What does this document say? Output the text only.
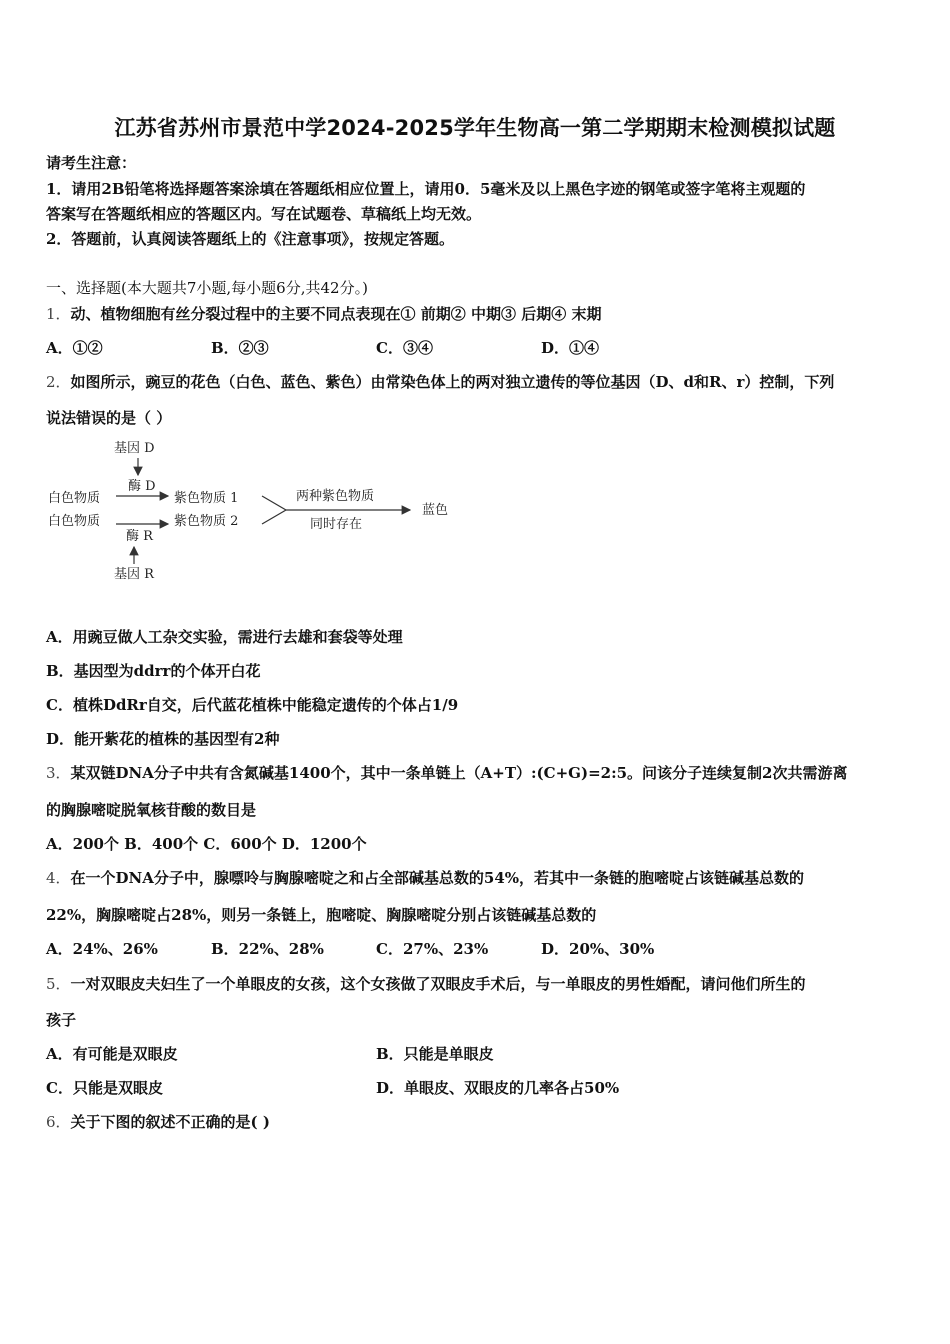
江苏省苏州市景范中学2024-2025学年生物高一第二学期期末检测模拟试题
请考生注意：
1．请用2B铅笔将选择题答案涂填在答题纸相应位置上，请用0．5毫米及以上黑色字迹的钢笔或签字笔将主观题的
答案写在答题纸相应的答题区内。写在试题卷、草稿纸上均无效。
2．答题前，认真阅读答题纸上的《注意事项》，按规定答题。
一、选择题(本大题共7小题,每小题6分,共42分。)
1．动、植物细胞有丝分裂过程中的主要不同点表现在① 前期② 中期③ 后期④ 末期
A．①②	B．②③	C．③④	D．①④
2．如图所示，豌豆的花色（白色、蓝色、紫色）由常染色体上的两对独立遗传的等位基因（D、d和R、r）控制，下列
说法错误的是（ ）
基因 D
酶 D
白色物质	紫色物质 1
白色物质	紫色物质 2
两种紫色物质
同时存在
蓝色
酶 R
基因 R
A．用豌豆做人工杂交实验，需进行去雄和套袋等处理
B．基因型为ddrr的个体开白花
C．植株DdRr自交，后代蓝花植株中能稳定遗传的个体占1/9
D．能开紫花的植株的基因型有2种
3．某双链DNA分子中共有含氮碱基1400个，其中一条单链上（A+T）:(C+G)=2:5。问该分子连续复制2次共需游离
的胸腺嘧啶脱氧核苷酸的数目是
A．200个 B．400个 C．600个 D．1200个
4．在一个DNA分子中，腺嘌呤与胸腺嘧啶之和占全部碱基总数的54%，若其中一条链的胞嘧啶占该链碱基总数的
22%，胸腺嘧啶占28%，则另一条链上，胞嘧啶、胸腺嘧啶分别占该链碱基总数的
A．24%、26%	B．22%、28%	C．27%、23%	D．20%、30%
5．一对双眼皮夫妇生了一个单眼皮的女孩，这个女孩做了双眼皮手术后，与一单眼皮的男性婚配，请问他们所生的
孩子
A．有可能是双眼皮	B．只能是单眼皮
C．只能是双眼皮	D．单眼皮、双眼皮的几率各占50%
6．关于下图的叙述不正确的是( )
